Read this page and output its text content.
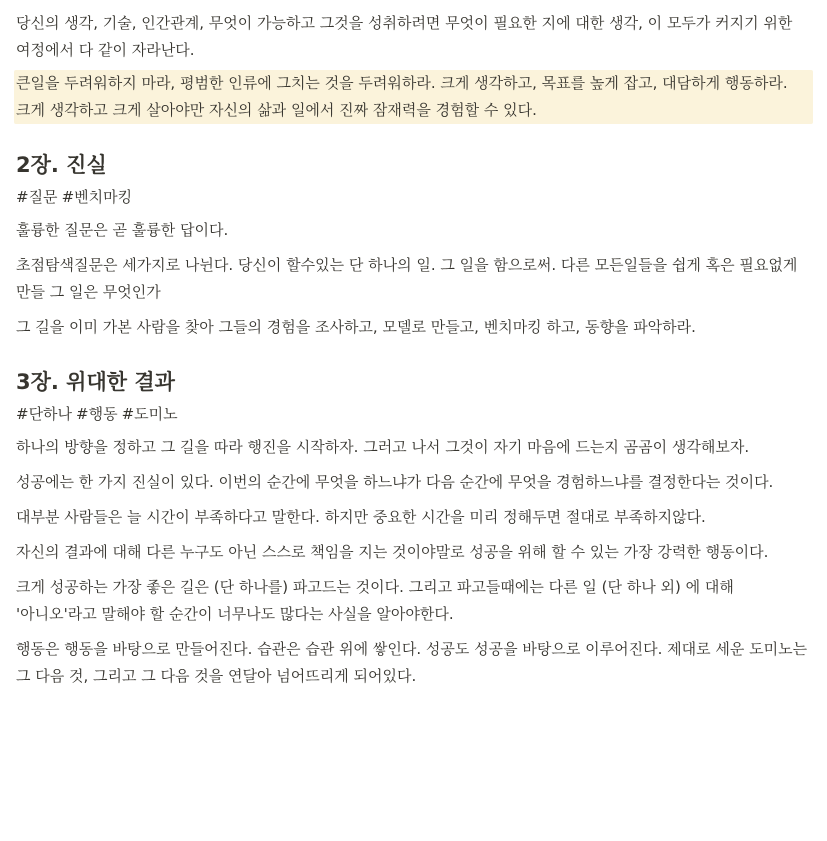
당신의 생각, 기술, 인간관계, 무엇이 가능하고 그것을 성취하려면 무엇이 필요한 지에 대한 생각, 이 모두가 커지기 위한 여정에서 다 같이 자라난다.

큰일을 두려워하지 마라, 평범한 인류에 그치는 것을 두려워하라. 크게 생각하고, 목표를 높게 잡고, 대담하게 행동하라. 크게 생각하고 크게 살아야만 자신의 삶과 일에서 진짜 잠재력을 경험할 수 있다.

2장. 진실
#질문 #벤치마킹

훌륭한 질문은 곧 훌륭한 답이다.

초점탐색질문은 세가지로 나뉜다. 당신이 할수있는 단 하나의 일. 그 일을 함으로써. 다른 모든일들을 쉽게 혹은 필요없게 만들 그 일은 무엇인가

그 길을 이미 가본 사람을 찾아 그들의 경험을 조사하고, 모델로 만들고, 벤치마킹 하고, 동향을 파악하라.

3장. 위대한 결과
#단하나 #행동 #도미노

하나의 방향을 정하고 그 길을 따라 행진을 시작하자. 그러고 나서 그것이 자기 마음에 드는지 곰곰이 생각해보자.

성공에는 한 가지 진실이 있다. 이번의 순간에 무엇을 하느냐가 다음 순간에 무엇을 경험하느냐를 결정한다는 것이다.

대부분 사람들은 늘 시간이 부족하다고 말한다. 하지만 중요한 시간을 미리 정해두면 절대로 부족하지않다.

자신의 결과에 대해 다른 누구도 아닌 스스로 책임을 지는 것이야말로 성공을 위해 할 수 있는 가장 강력한 행동이다.

크게 성공하는 가장 좋은 길은 (단 하나를) 파고드는 것이다. 그리고 파고들때에는 다른 일 (단 하나 외) 에 대해 '아니오'라고 말해야 할 순간이 너무나도 많다는 사실을 알아야한다.

행동은 행동을 바탕으로 만들어진다. 습관은 습관 위에 쌓인다. 성공도 성공을 바탕으로 이루어진다. 제대로 세운 도미노는 그 다음 것, 그리고 그 다음 것을 연달아 넘어뜨리게 되어있다.
